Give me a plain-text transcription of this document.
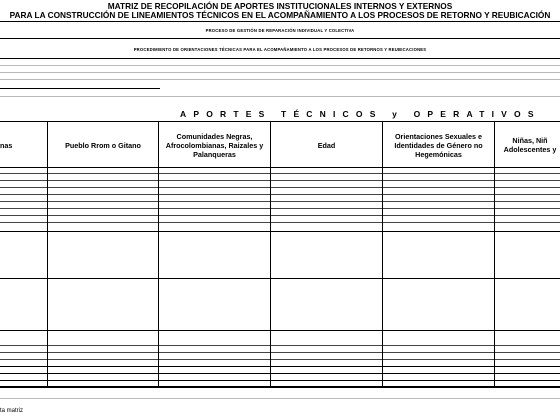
MATRIZ DE RECOPILACIÓN DE APORTES INSTITUCIONALES INTERNOS Y EXTERNOS
PARA LA CONSTRUCCIÓN DE LINEAMIENTOS TÉCNICOS EN EL ACOMPAÑAMIENTO A LOS PROCESOS DE RETORNO Y REUBICACIÓN
PROCESO DE GESTIÓN DE REPARACIÓN INDIVIDUAL Y COLECTIVA
PROCEDIMIENTO DE ORIENTACIONES TÉCNICAS PARA EL ACOMPAÑAMIENTO A LOS PROCESOS DE RETORNOS Y REUBICACIONES
APORTES TÉCNICOS y OPERATIVOS
nas	Pueblo Rrom o Gitano
Comunidades Negras, Afrocolombianas, Raizales y Palanqueras
Edad
Orientaciones Sexuales e Identidades de Género no Hegemónicas
Niñas, Niñ Adolescentes y
ta matriz
